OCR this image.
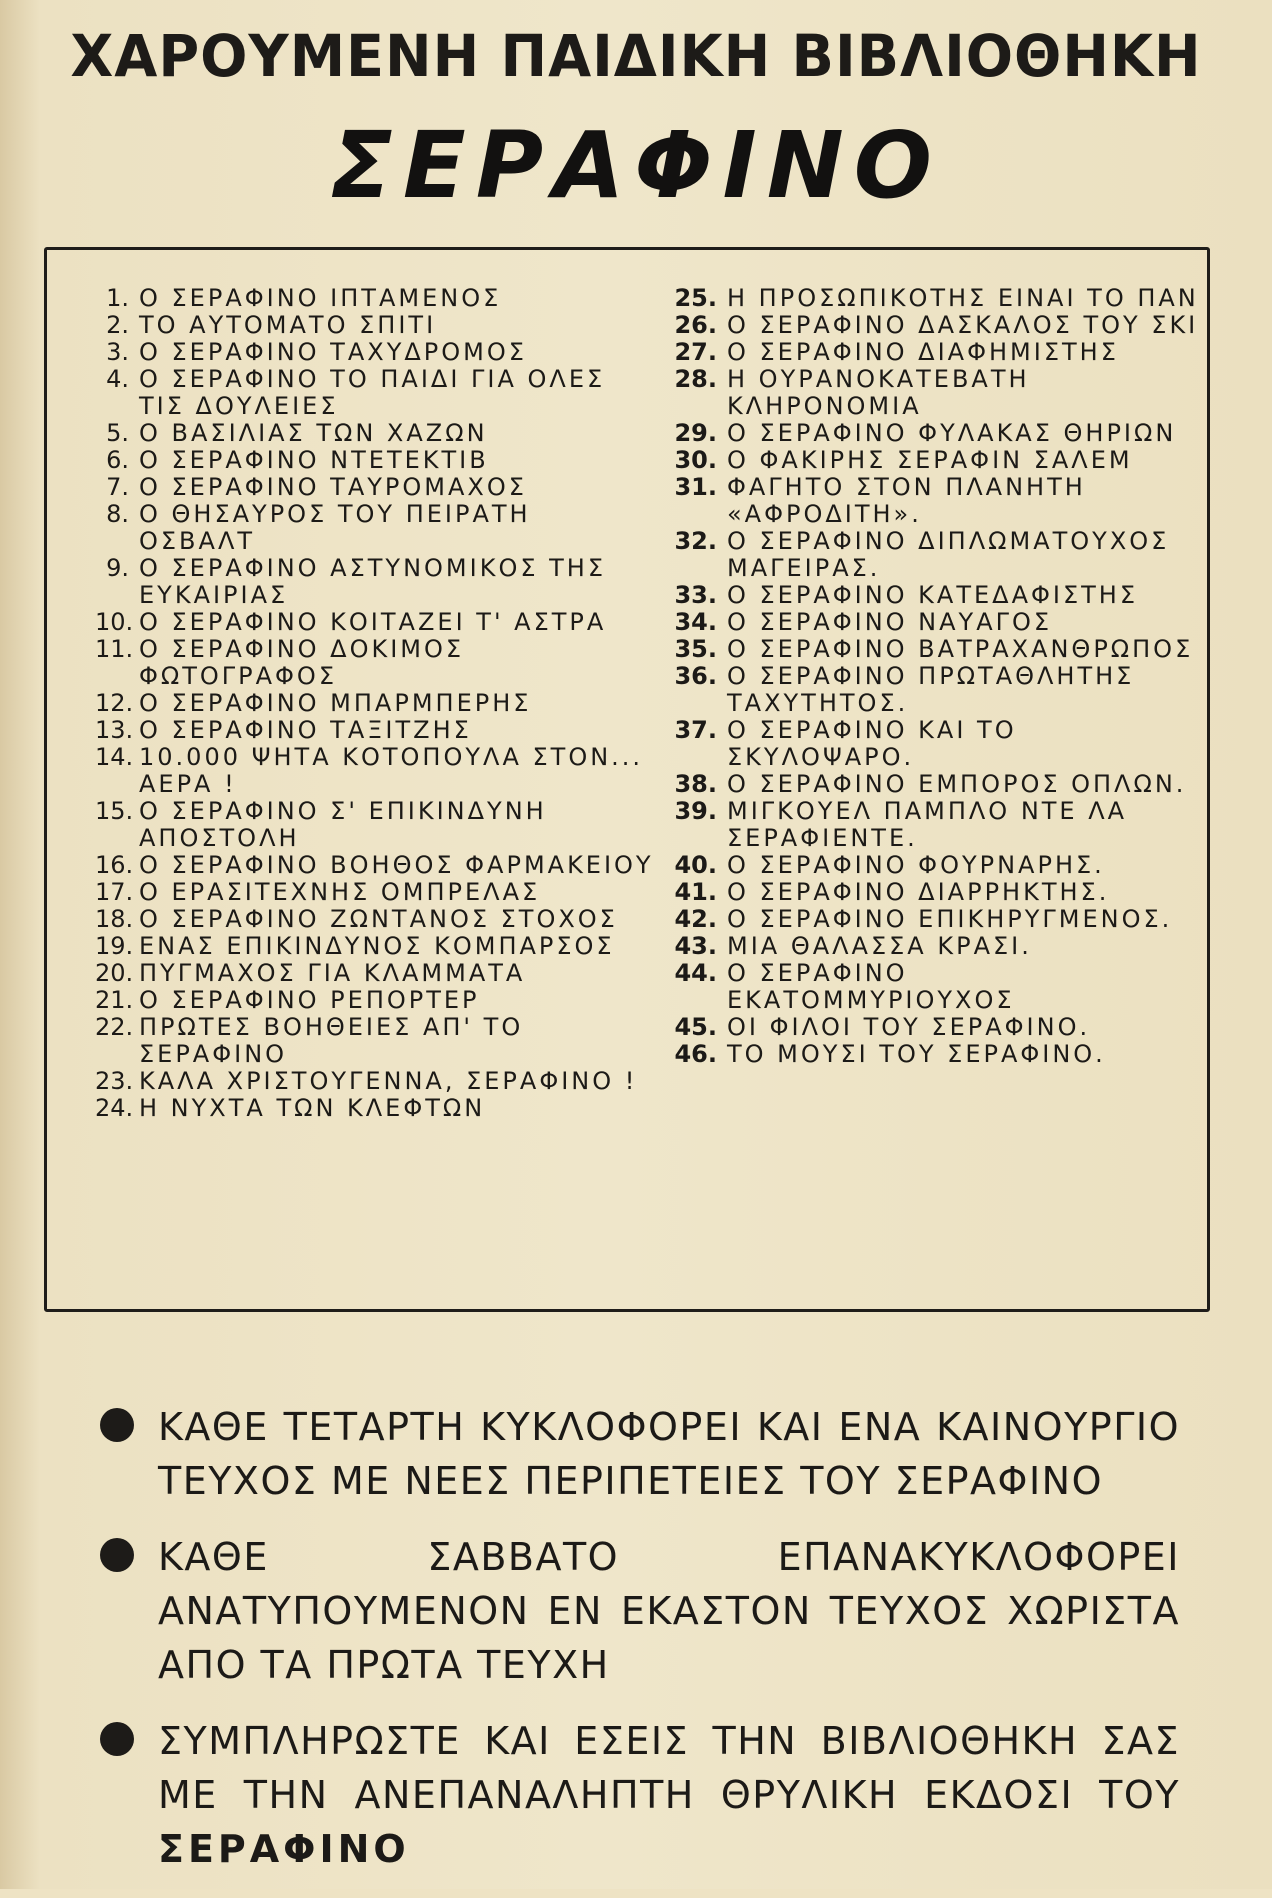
ΧΑΡΟΥΜΕΝΗ ΠΑΙΔΙΚΗ ΒΙΒΛΙΟΘΗΚΗ
ΣΕΡΑΦΙΝΟ
1. Ο ΣΕΡΑΦΙΝΟ ΙΠΤΑΜΕΝΟΣ
2. ΤΟ ΑΥΤΟΜΑΤΟ ΣΠΙΤΙ
3. Ο ΣΕΡΑΦΙΝΟ ΤΑΧΥΔΡΟΜΟΣ
4. Ο ΣΕΡΑΦΙΝΟ ΤΟ ΠΑΙΔΙ ΓΙΑ ΟΛΕΣ ΤΙΣ ΔΟΥΛΕΙΕΣ
5. Ο ΒΑΣΙΛΙΑΣ ΤΩΝ ΧΑΖΩΝ
6. Ο ΣΕΡΑΦΙΝΟ ΝΤΕΤΕΚΤΙΒ
7. Ο ΣΕΡΑΦΙΝΟ ΤΑΥΡΟΜΑΧΟΣ
8. Ο ΘΗΣΑΥΡΟΣ ΤΟΥ ΠΕΙΡΑΤΗ ΟΣΒΑΛΤ
9. Ο ΣΕΡΑΦΙΝΟ ΑΣΤΥΝΟΜΙΚΟΣ ΤΗΣ ΕΥΚΑΙΡΙΑΣ
10. Ο ΣΕΡΑΦΙΝΟ ΚΟΙΤΑΖΕΙ Τ' ΑΣΤΡΑ
11. Ο ΣΕΡΑΦΙΝΟ ΔΟΚΙΜΟΣ ΦΩΤΟΓΡΑΦΟΣ
12. Ο ΣΕΡΑΦΙΝΟ ΜΠΑΡΜΠΕΡΗΣ
13. Ο ΣΕΡΑΦΙΝΟ ΤΑΞΙΤΖΗΣ
14. 10.000 ΨΗΤΑ ΚΟΤΟΠΟΥΛΑ ΣΤΟΝ... ΑΕΡΑ !
15. Ο ΣΕΡΑΦΙΝΟ Σ' ΕΠΙΚΙΝΔΥΝΗ ΑΠΟΣΤΟΛΗ
16. Ο ΣΕΡΑΦΙΝΟ ΒΟΗΘΟΣ ΦΑΡΜΑΚΕΙΟΥ
17. Ο ΕΡΑΣΙΤΕΧΝΗΣ ΟΜΠΡΕΛΑΣ
18. Ο ΣΕΡΑΦΙΝΟ ΖΩΝΤΑΝΟΣ ΣΤΟΧΟΣ
19. ΕΝΑΣ ΕΠΙΚΙΝΔΥΝΟΣ ΚΟΜΠΑΡΣΟΣ
20. ΠΥΓΜΑΧΟΣ ΓΙΑ ΚΛΑΜΜΑΤΑ
21. Ο ΣΕΡΑΦΙΝΟ ΡΕΠΟΡΤΕΡ
22. ΠΡΩΤΕΣ ΒΟΗΘΕΙΕΣ ΑΠ' ΤΟ ΣΕΡΑΦΙΝΟ
23. ΚΑΛΑ ΧΡΙΣΤΟΥΓΕΝΝΑ, ΣΕΡΑΦΙΝΟ !
24. Η ΝΥΧΤΑ ΤΩΝ ΚΛΕΦΤΩΝ
25. Η ΠΡΟΣΩΠΙΚΟΤΗΣ ΕΙΝΑΙ ΤΟ ΠΑΝ
26. Ο ΣΕΡΑΦΙΝΟ ΔΑΣΚΑΛΟΣ ΤΟΥ ΣΚΙ
27. Ο ΣΕΡΑΦΙΝΟ ΔΙΑΦΗΜΙΣΤΗΣ
28. Η ΟΥΡΑΝΟΚΑΤΕΒΑΤΗ ΚΛΗΡΟΝΟΜΙΑ
29. Ο ΣΕΡΑΦΙΝΟ ΦΥΛΑΚΑΣ ΘΗΡΙΩΝ
30. Ο ΦΑΚΙΡΗΣ ΣΕΡΑΦΙΝ ΣΑΛΕΜ
31. ΦΑΓΗΤΟ ΣΤΟΝ ΠΛΑΝΗΤΗ «ΑΦΡΟΔΙΤΗ».
32. Ο ΣΕΡΑΦΙΝΟ ΔΙΠΛΩΜΑΤΟΥΧΟΣ ΜΑΓΕΙΡΑΣ.
33. Ο ΣΕΡΑΦΙΝΟ ΚΑΤΕΔΑΦΙΣΤΗΣ
34. Ο ΣΕΡΑΦΙΝΟ ΝΑΥΑΓΟΣ
35. Ο ΣΕΡΑΦΙΝΟ ΒΑΤΡΑΧΑΝΘΡΩΠΟΣ
36. Ο ΣΕΡΑΦΙΝΟ ΠΡΩΤΑΘΛΗΤΗΣ ΤΑΧΥΤΗΤΟΣ.
37. Ο ΣΕΡΑΦΙΝΟ ΚΑΙ ΤΟ ΣΚΥΛΟΨΑΡΟ.
38. Ο ΣΕΡΑΦΙΝΟ ΕΜΠΟΡΟΣ ΟΠΛΩΝ.
39. ΜΙΓΚΟΥΕΛ ΠΑΜΠΛΟ ΝΤΕ ΛΑ ΣΕΡΑΦΙΕΝΤΕ.
40. Ο ΣΕΡΑΦΙΝΟ ΦΟΥΡΝΑΡΗΣ.
41. Ο ΣΕΡΑΦΙΝΟ ΔΙΑΡΡΗΚΤΗΣ.
42. Ο ΣΕΡΑΦΙΝΟ ΕΠΙΚΗΡΥΓΜΕΝΟΣ.
43. ΜΙΑ ΘΑΛΑΣΣΑ ΚΡΑΣΙ.
44. Ο ΣΕΡΑΦΙΝΟ ΕΚΑΤΟΜΜΥΡΙΟΥΧΟΣ
45. ΟΙ ΦΙΛΟΙ ΤΟΥ ΣΕΡΑΦΙΝΟ.
46. ΤΟ ΜΟΥΣΙ ΤΟΥ ΣΕΡΑΦΙΝΟ.
ΚΑΘΕ ΤΕΤΑΡΤΗ ΚΥΚΛΟΦΟΡΕΙ ΚΑΙ ΕΝΑ ΚΑΙΝΟΥΡΓΙΟ ΤΕΥΧΟΣ ΜΕ ΝΕΕΣ ΠΕΡΙΠΕΤΕΙΕΣ ΤΟΥ ΣΕΡΑΦΙΝΟ
ΚΑΘΕ ΣΑΒΒΑΤΟ ΕΠΑΝΑΚΥΚΛΟΦΟΡΕΙ ΑΝΑΤΥΠΟΥΜΕΝΟΝ ΕΝ ΕΚΑΣΤΟΝ ΤΕΥΧΟΣ ΧΩΡΙΣΤΑ ΑΠΟ ΤΑ ΠΡΩΤΑ ΤΕΥΧΗ
ΣΥΜΠΛΗΡΩΣΤΕ ΚΑΙ ΕΣΕΙΣ ΤΗΝ ΒΙΒΛΙΟΘΗΚΗ ΣΑΣ ΜΕ ΤΗΝ ΑΝΕΠΑΝΑΛΗΠΤΗ ΘΡΥΛΙΚΗ ΕΚΔΟΣΙ ΤΟΥ ΣΕΡΑΦΙΝΟ
